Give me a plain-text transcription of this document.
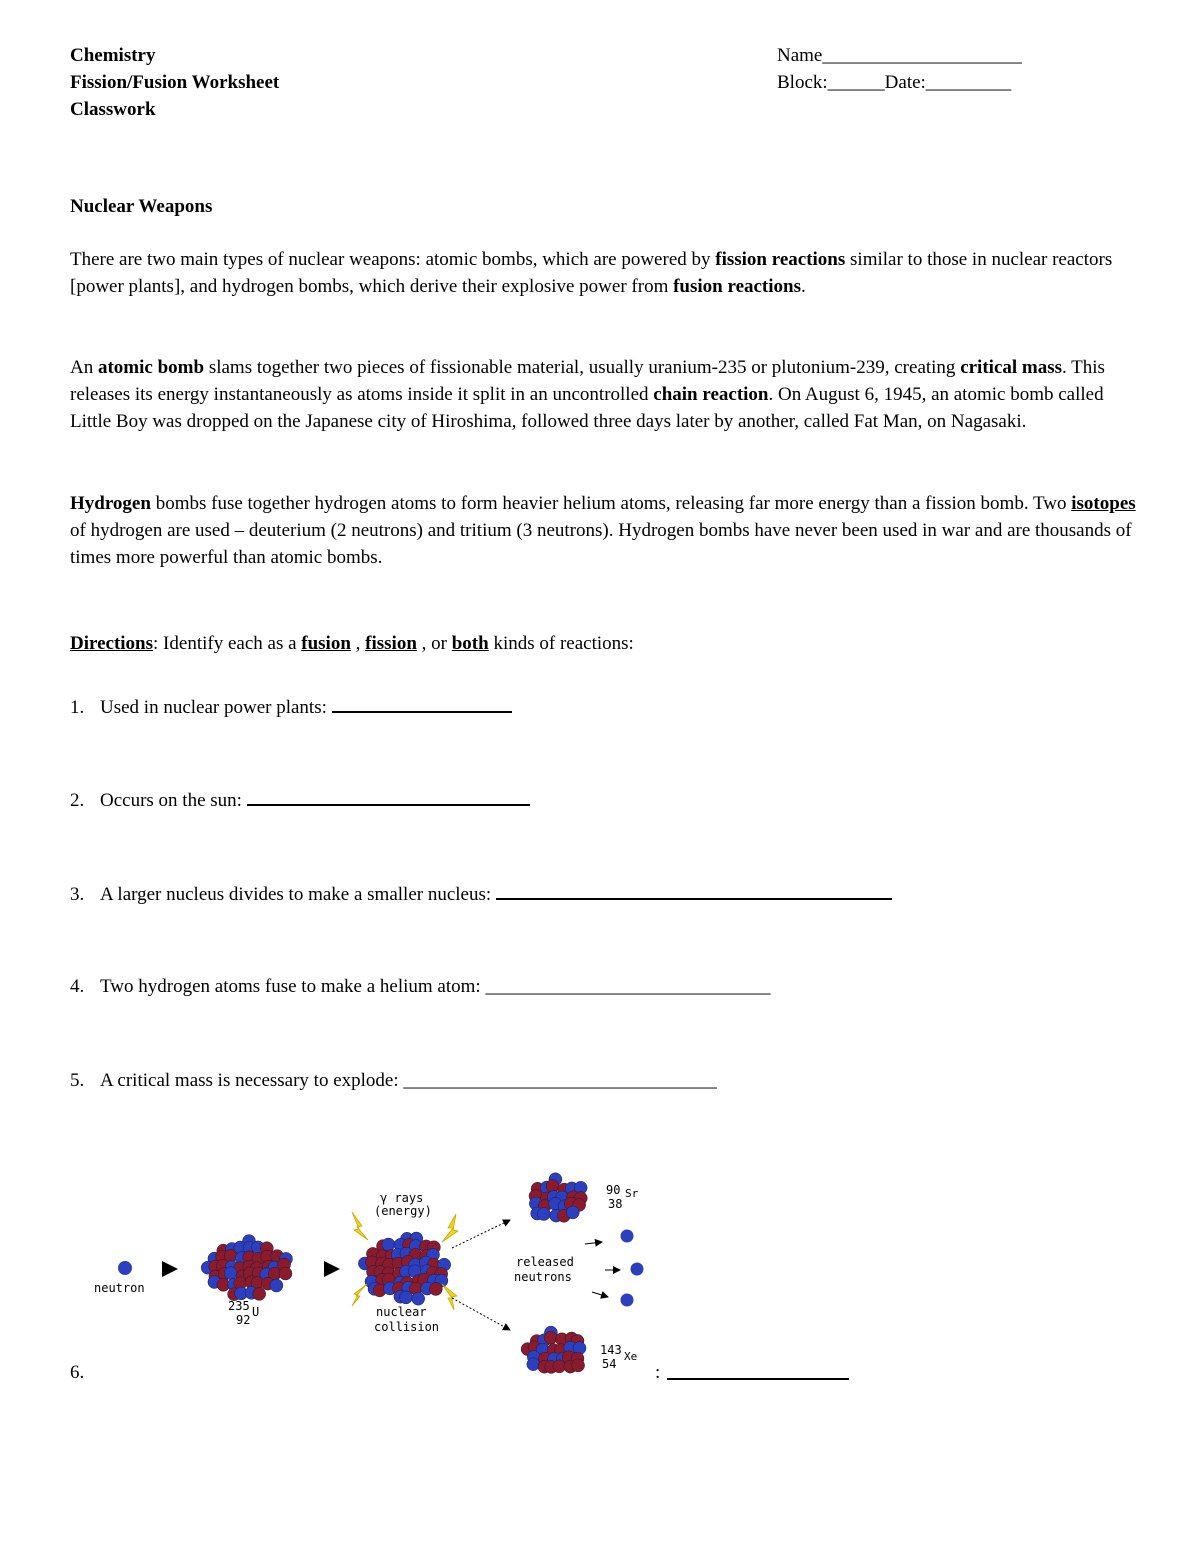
Chemistry
Fission/Fusion Worksheet
Classwork
Name_____________________
Block:______Date:_________
Nuclear Weapons
There are two main types of nuclear weapons: atomic bombs, which are powered by fission reactions similar to those in nuclear reactors [power plants], and hydrogen bombs, which derive their explosive power from fusion reactions.
An atomic bomb slams together two pieces of fissionable material, usually uranium-235 or plutonium-239, creating critical mass. This releases its energy instantaneously as atoms inside it split in an uncontrolled chain reaction. On August 6, 1945, an atomic bomb called Little Boy was dropped on the Japanese city of Hiroshima, followed three days later by another, called Fat Man, on Nagasaki.
Hydrogen bombs fuse together hydrogen atoms to form heavier helium atoms, releasing far more energy than a fission bomb. Two isotopes of hydrogen are used – deuterium (2 neutrons) and tritium (3 neutrons). Hydrogen bombs have never been used in war and are thousands of times more powerful than atomic bombs.
Directions: Identify each as a fusion , fission , or both kinds of reactions:
1. Used in nuclear power plants:
2. Occurs on the sun:
3. A larger nucleus divides to make a smaller nucleus:
4. Two hydrogen atoms fuse to make a helium atom: ______________________________
5. A critical mass is necessary to explode: _________________________________
6.	:
neutron
235 U
92
γ rays
(energy)
nuclear
collision
90 Sr
38
released
neutrons
143 Xe
54
